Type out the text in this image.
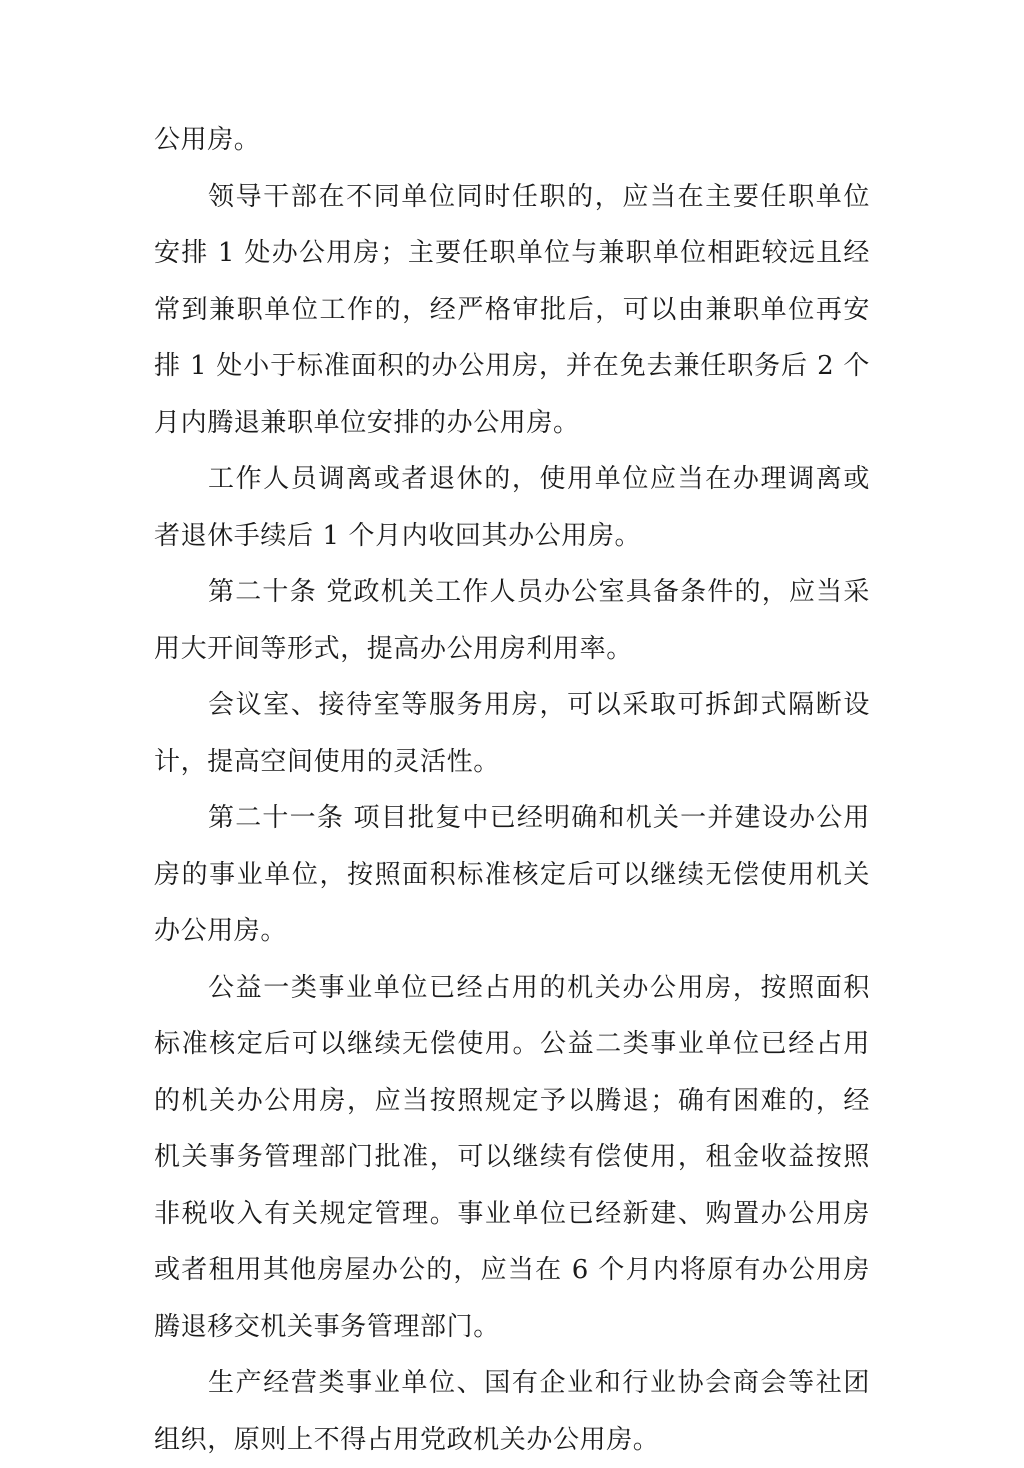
公用房。

领导干部在不同单位同时任职的，应当在主要任职单位安排 1 处办公用房；主要任职单位与兼职单位相距较远且经常到兼职单位工作的，经严格审批后，可以由兼职单位再安排 1 处小于标准面积的办公用房，并在免去兼任职务后 2 个月内腾退兼职单位安排的办公用房。

工作人员调离或者退休的，使用单位应当在办理调离或者退休手续后 1 个月内收回其办公用房。

第二十条 党政机关工作人员办公室具备条件的，应当采用大开间等形式，提高办公用房利用率。

会议室、接待室等服务用房，可以采取可拆卸式隔断设计，提高空间使用的灵活性。

第二十一条 项目批复中已经明确和机关一并建设办公用房的事业单位，按照面积标准核定后可以继续无偿使用机关办公用房。

公益一类事业单位已经占用的机关办公用房，按照面积标准核定后可以继续无偿使用。公益二类事业单位已经占用的机关办公用房，应当按照规定予以腾退；确有困难的，经机关事务管理部门批准，可以继续有偿使用，租金收益按照非税收入有关规定管理。事业单位已经新建、购置办公用房或者租用其他房屋办公的，应当在 6 个月内将原有办公用房腾退移交机关事务管理部门。

生产经营类事业单位、国有企业和行业协会商会等社团组织，原则上不得占用党政机关办公用房。
